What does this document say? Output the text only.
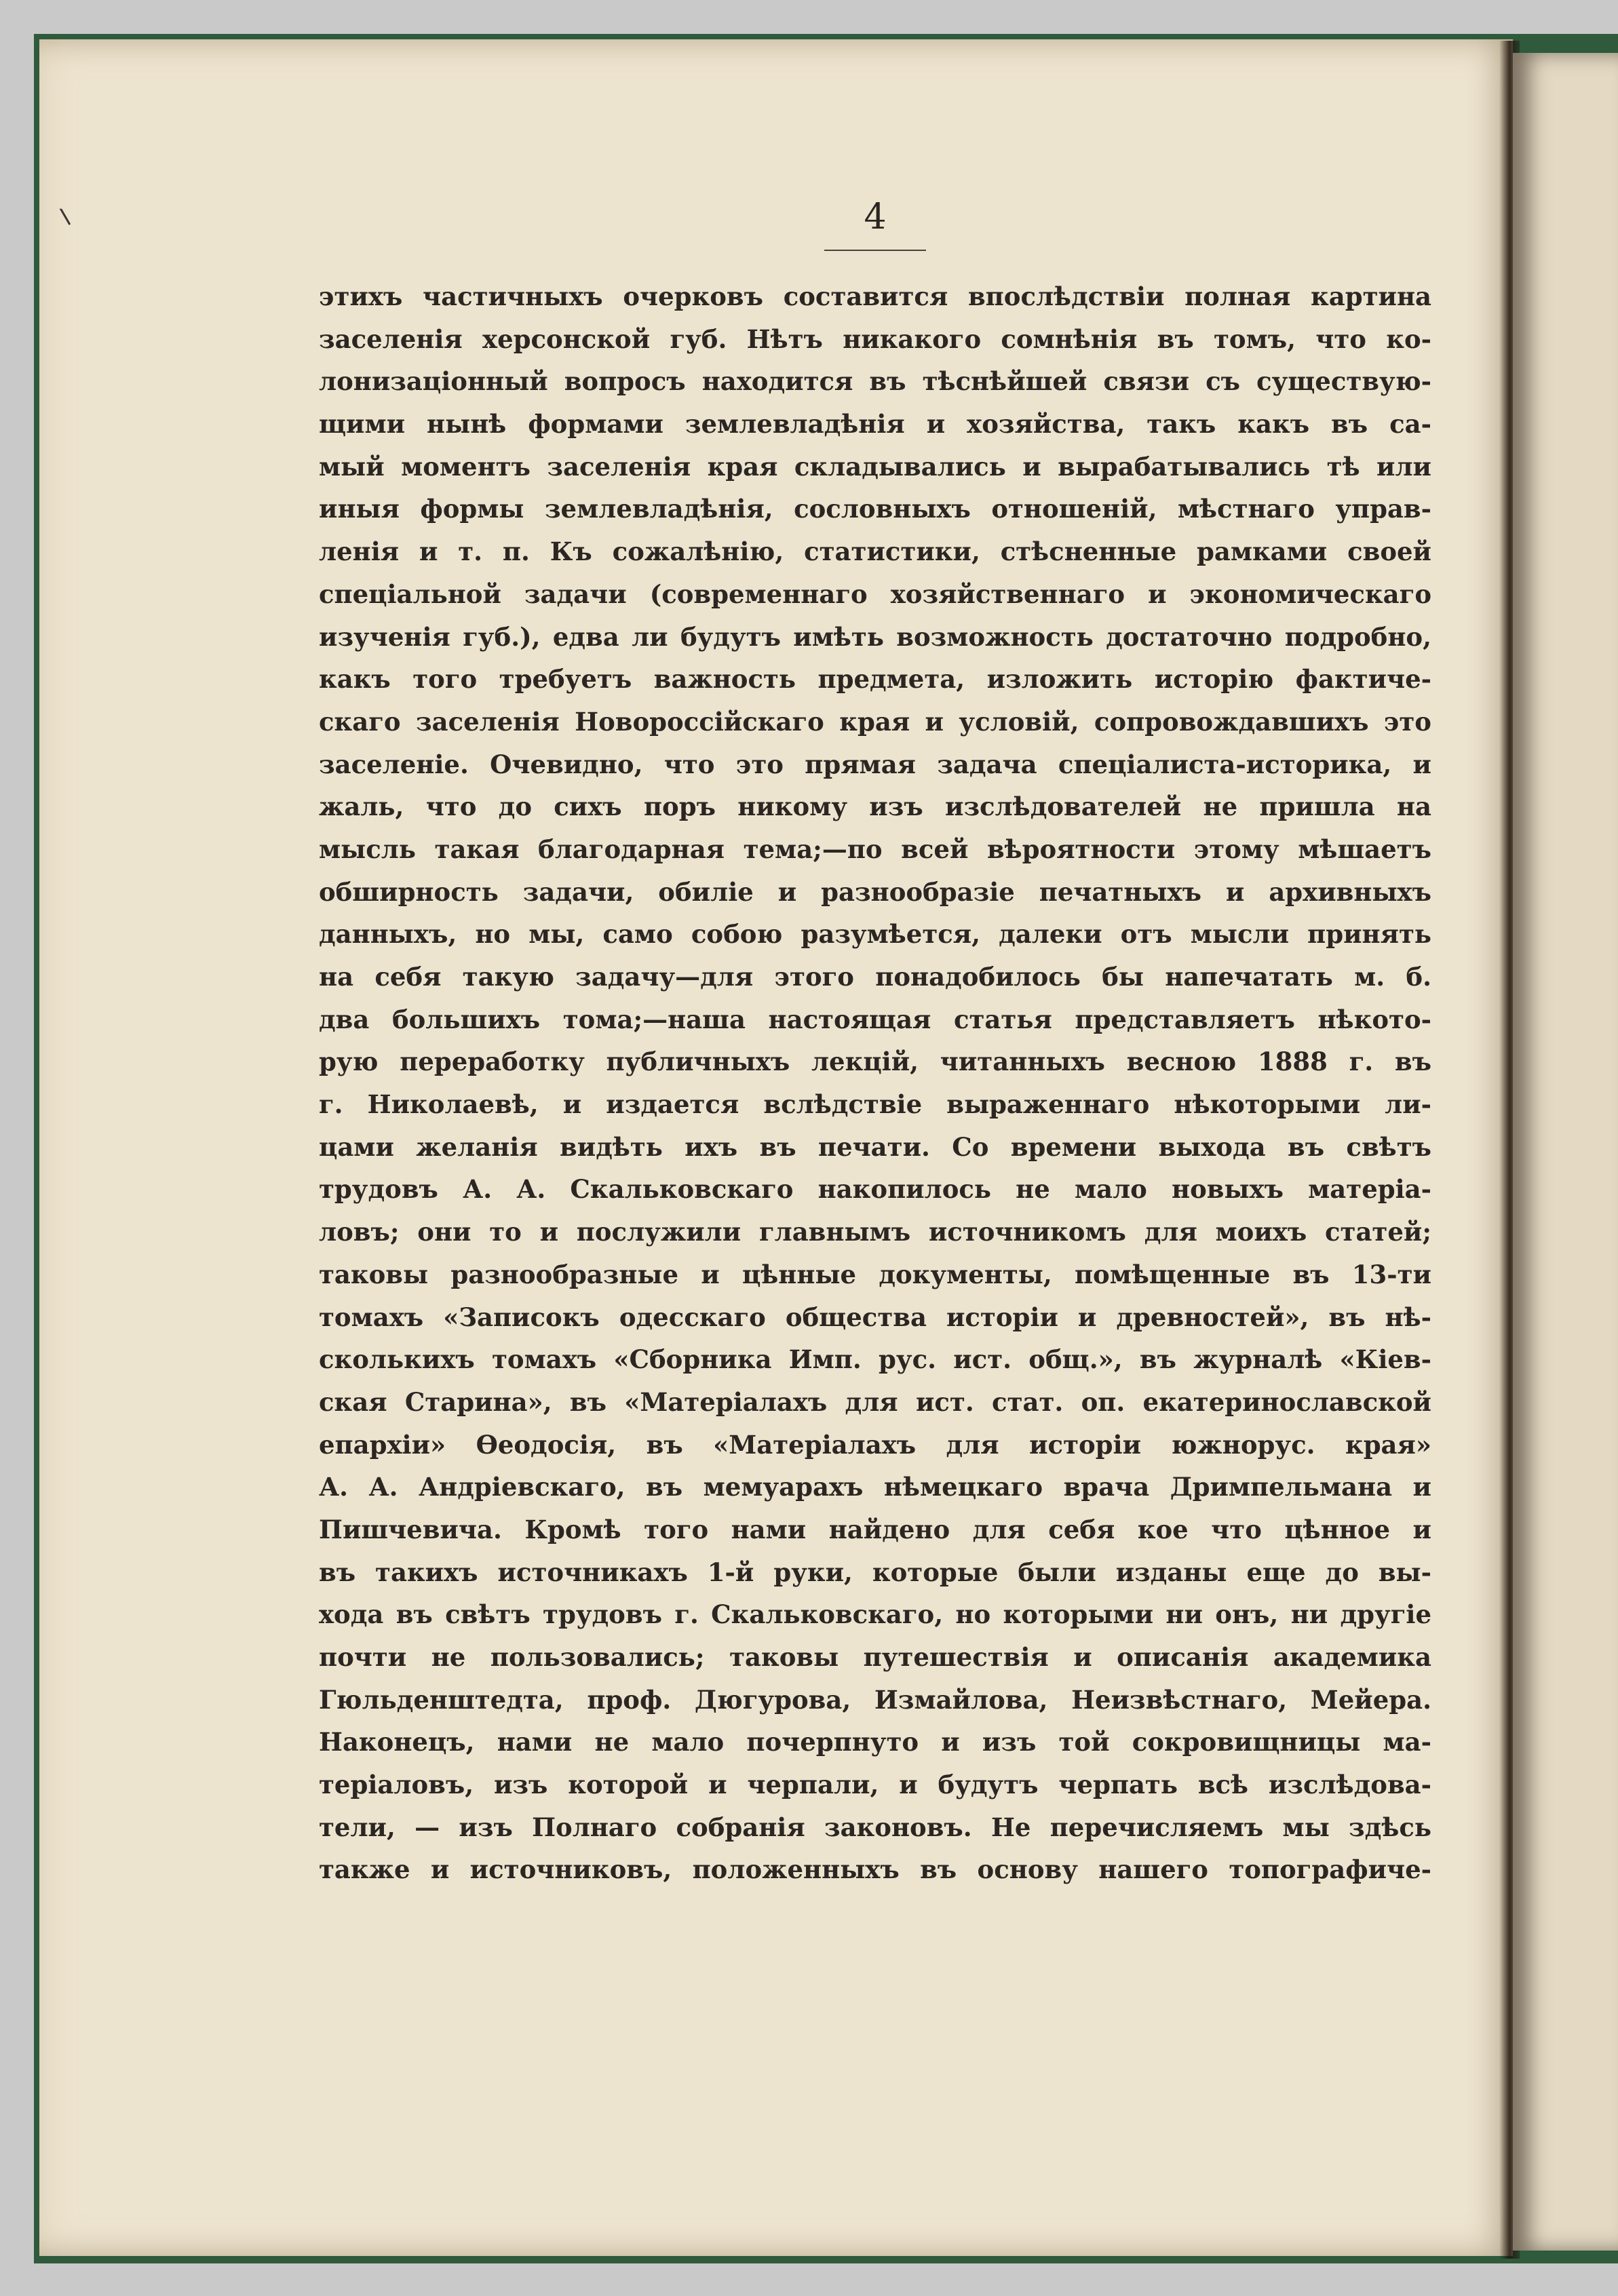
4
этихъ частичныхъ очерковъ составится впослѣдствіи полная картина
заселенія херсонской губ. Нѣтъ никакого сомнѣнія въ томъ, что ко-
лонизаціонный вопросъ находится въ тѣснѣйшей связи съ существую-
щими нынѣ формами землевладѣнія и хозяйства, такъ какъ въ са-
мый моментъ заселенія края складывались и вырабатывались тѣ или
иныя формы землевладѣнія, сословныхъ отношеній, мѣстнаго управ-
ленія и т. п. Къ сожалѣнію, статистики, стѣсненные рамками своей
спеціальной задачи (современнаго хозяйственнаго и экономическаго
изученія губ.), едва ли будутъ имѣть возможность достаточно подробно,
какъ того требуетъ важность предмета, изложить исторію фактиче-
скаго заселенія Новороссійскаго края и условій, сопровождавшихъ это
заселеніе. Очевидно, что это прямая задача спеціалиста-историка, и
жаль, что до сихъ поръ никому изъ изслѣдователей не пришла на
мысль такая благодарная тема;—по всей вѣроятности этому мѣшаетъ
обширность задачи, обиліе и разнообразіе печатныхъ и архивныхъ
данныхъ, но мы, само собою разумѣется, далеки отъ мысли принять
на себя такую задачу—для этого понадобилось бы напечатать м. б.
два большихъ тома;—наша настоящая статья представляетъ нѣкото-
рую переработку публичныхъ лекцій, читанныхъ весною 1888 г. въ
г. Николаевѣ, и издается вслѣдствіе выраженнаго нѣкоторыми ли-
цами желанія видѣть ихъ въ печати. Со времени выхода въ свѣтъ
трудовъ А. А. Скальковскаго накопилось не мало новыхъ матеріа-
ловъ; они то и послужили главнымъ источникомъ для моихъ статей;
таковы разнообразные и цѣнные документы, помѣщенные въ 13-ти
томахъ «Записокъ одесскаго общества исторіи и древностей», въ нѣ-
сколькихъ томахъ «Сборника Имп. рус. ист. общ.», въ журналѣ «Кіев-
ская Старина», въ «Матеріалахъ для ист. стат. оп. екатеринославской
епархіи» Ѳеодосія, въ «Матеріалахъ для исторіи южнорус. края»
А. А. Андріевскаго, въ мемуарахъ нѣмецкаго врача Дримпельмана и
Пишчевича. Кромѣ того нами найдено для себя кое что цѣнное и
въ такихъ источникахъ 1-й руки, которые были изданы еще до вы-
хода въ свѣтъ трудовъ г. Скальковскаго, но которыми ни онъ, ни другіе
почти не пользовались; таковы путешествія и описанія академика
Гюльденштедта, проф. Дюгурова, Измайлова, Неизвѣстнаго, Мейера.
Наконецъ, нами не мало почерпнуто и изъ той сокровищницы ма-
теріаловъ, изъ которой и черпали, и будутъ черпать всѣ изслѣдова-
тели, — изъ Полнаго собранія законовъ. Не перечисляемъ мы здѣсь
также и источниковъ, положенныхъ въ основу нашего топографиче-
